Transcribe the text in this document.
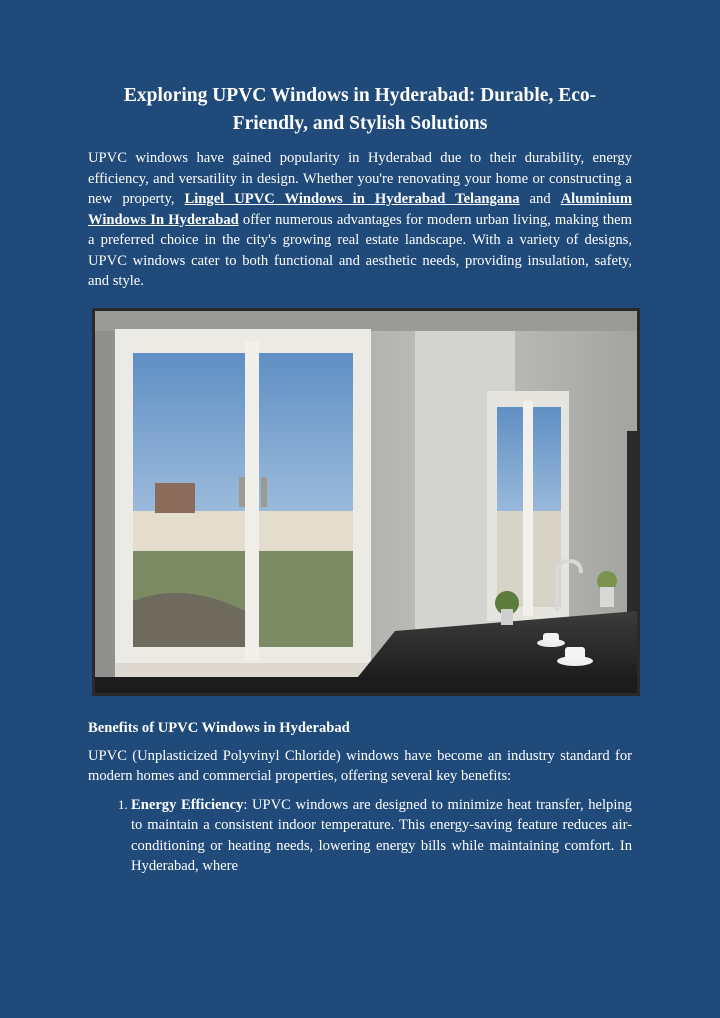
Exploring UPVC Windows in Hyderabad: Durable, Eco-Friendly, and Stylish Solutions

UPVC windows have gained popularity in Hyderabad due to their durability, energy efficiency, and versatility in design. Whether you're renovating your home or constructing a new property, Lingel UPVC Windows in Hyderabad Telangana and Aluminium Windows In Hyderabad offer numerous advantages for modern urban living, making them a preferred choice in the city's growing real estate landscape. With a variety of designs, UPVC windows cater to both functional and aesthetic needs, providing insulation, safety, and style.

Benefits of UPVC Windows in Hyderabad

UPVC (Unplasticized Polyvinyl Chloride) windows have become an industry standard for modern homes and commercial properties, offering several key benefits:

1. Energy Efficiency: UPVC windows are designed to minimize heat transfer, helping to maintain a consistent indoor temperature. This energy-saving feature reduces air-conditioning or heating needs, lowering energy bills while maintaining comfort. In Hyderabad, where
